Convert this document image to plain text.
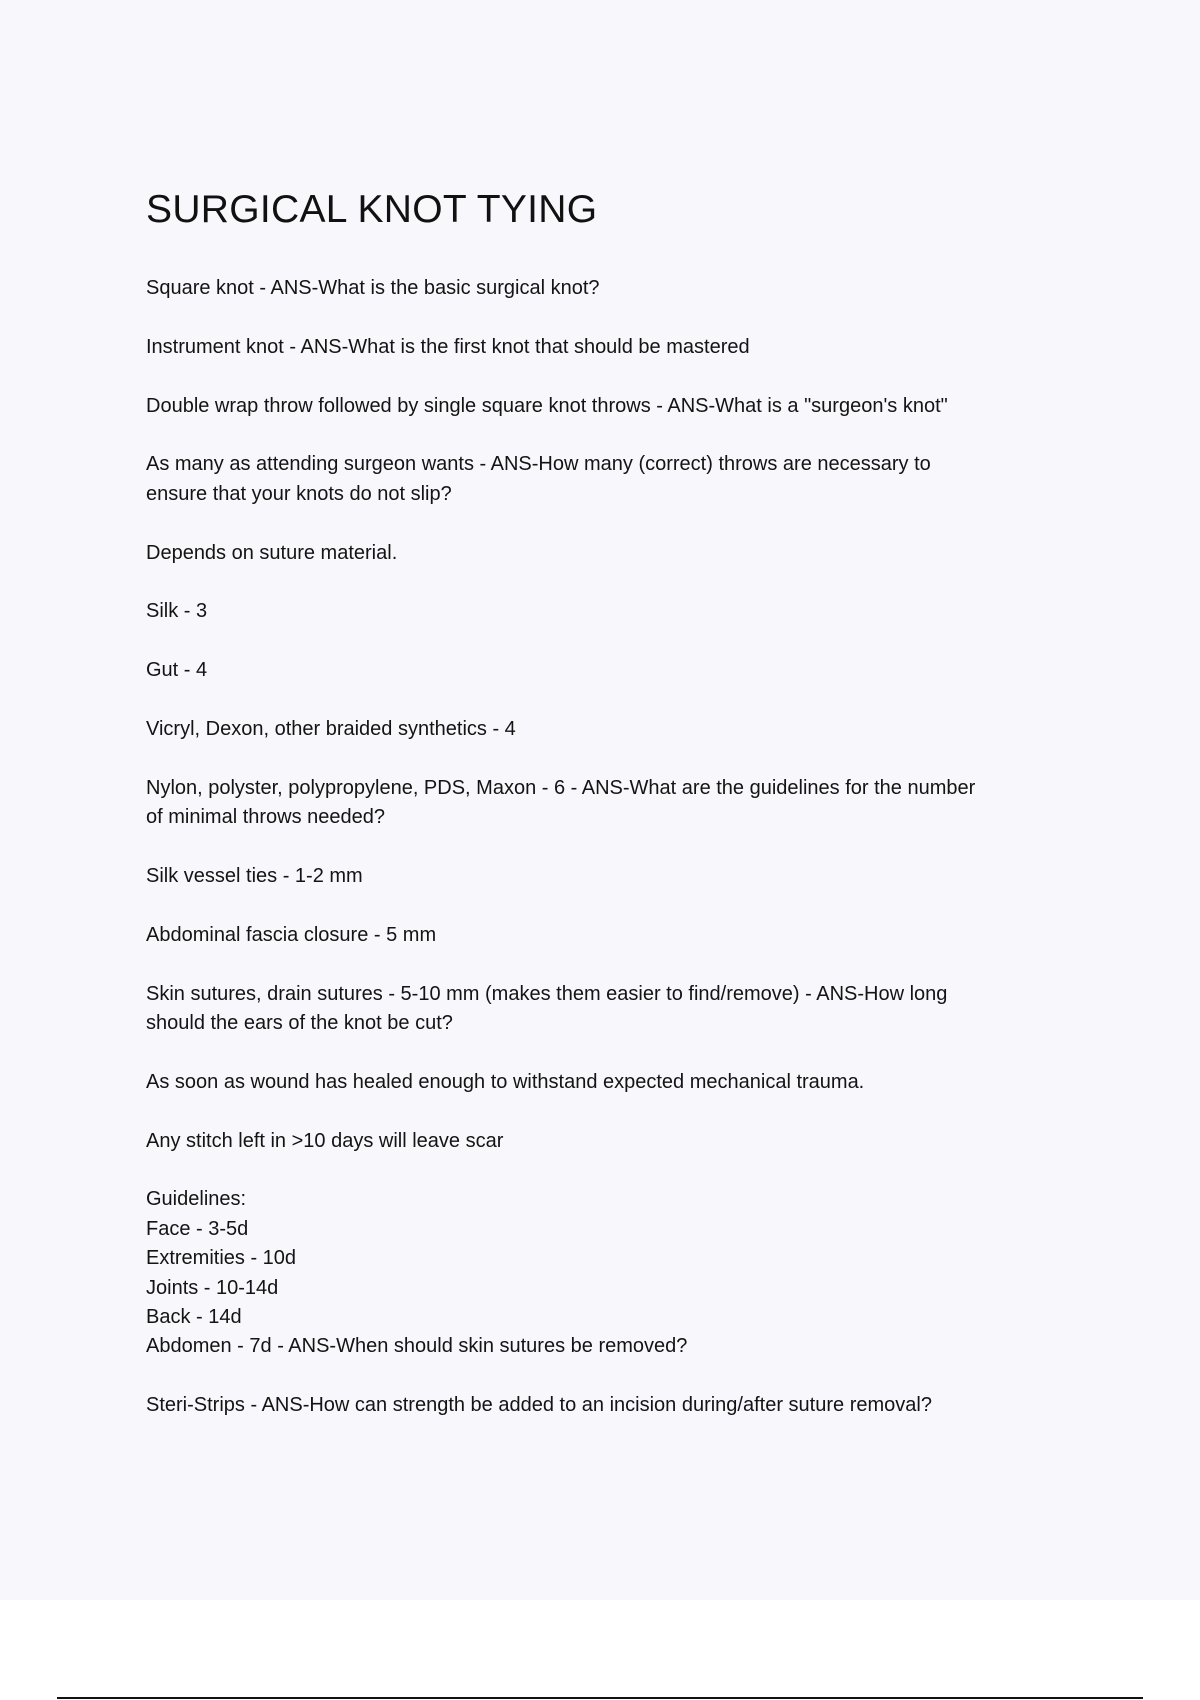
SURGICAL KNOT TYING

Square knot - ANS-What is the basic surgical knot?

Instrument knot - ANS-What is the first knot that should be mastered

Double wrap throw followed by single square knot throws - ANS-What is a "surgeon's knot"

As many as attending surgeon wants - ANS-How many (correct) throws are necessary to
ensure that your knots do not slip?

Depends on suture material.

Silk - 3

Gut - 4

Vicryl, Dexon, other braided synthetics - 4

Nylon, polyster, polypropylene, PDS, Maxon - 6 - ANS-What are the guidelines for the number
of minimal throws needed?

Silk vessel ties - 1-2 mm

Abdominal fascia closure - 5 mm

Skin sutures, drain sutures - 5-10 mm (makes them easier to find/remove) - ANS-How long
should the ears of the knot be cut?

As soon as wound has healed enough to withstand expected mechanical trauma.

Any stitch left in >10 days will leave scar

Guidelines:
Face - 3-5d
Extremities - 10d
Joints - 10-14d
Back - 14d
Abdomen - 7d - ANS-When should skin sutures be removed?

Steri-Strips - ANS-How can strength be added to an incision during/after suture removal?
